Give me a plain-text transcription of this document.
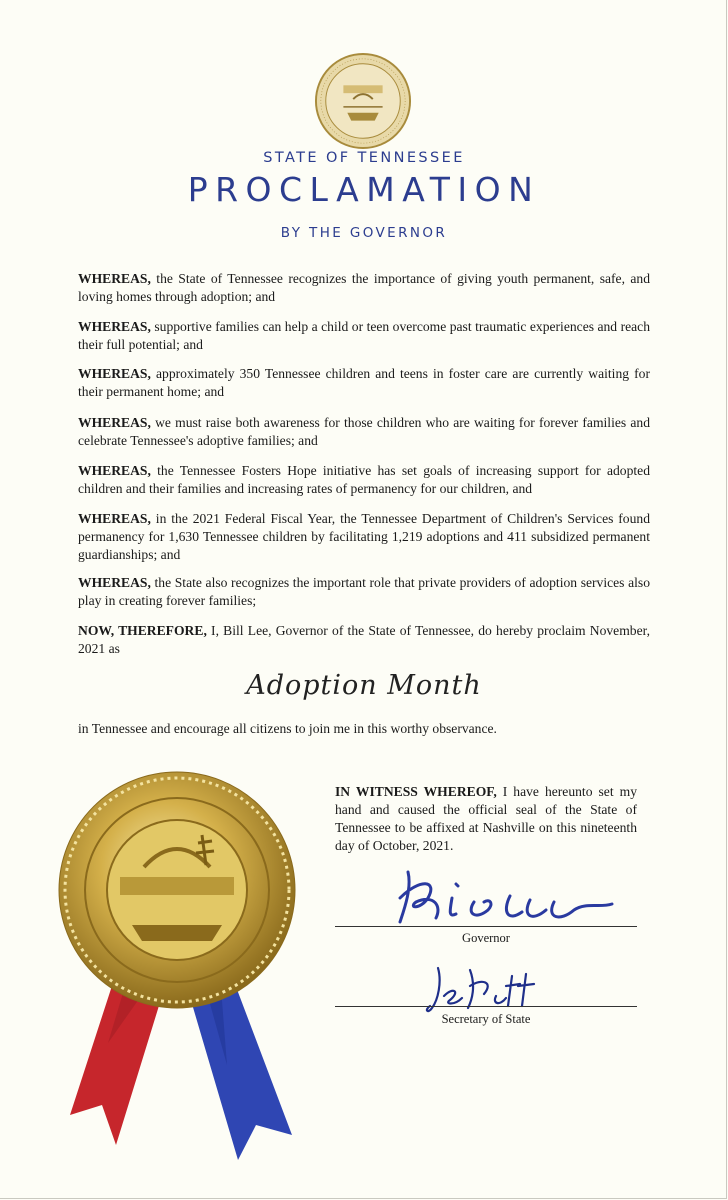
STATE OF TENNESSEE
PROCLAMATION
BY THE GOVERNOR
WHEREAS, the State of Tennessee recognizes the importance of giving youth permanent, safe, and loving homes through adoption; and
WHEREAS, supportive families can help a child or teen overcome past traumatic experiences and reach their full potential; and
WHEREAS, approximately 350 Tennessee children and teens in foster care are currently waiting for their permanent home; and
WHEREAS, we must raise both awareness for those children who are waiting for forever families and celebrate Tennessee's adoptive families; and
WHEREAS, the Tennessee Fosters Hope initiative has set goals of increasing support for adopted children and their families and increasing rates of permanency for our children, and
WHEREAS, in the 2021 Federal Fiscal Year, the Tennessee Department of Children's Services found permanency for 1,630 Tennessee children by facilitating 1,219 adoptions and 411 subsidized permanent guardianships; and
WHEREAS, the State also recognizes the important role that private providers of adoption services also play in creating forever families;
NOW, THEREFORE, I, Bill Lee, Governor of the State of Tennessee, do hereby proclaim November, 2021 as
Adoption Month
in Tennessee and encourage all citizens to join me in this worthy observance.
IN WITNESS WHEREOF, I have hereunto set my hand and caused the official seal of the State of Tennessee to be affixed at Nashville on this nineteenth day of October, 2021.
Governor
Secretary of State
